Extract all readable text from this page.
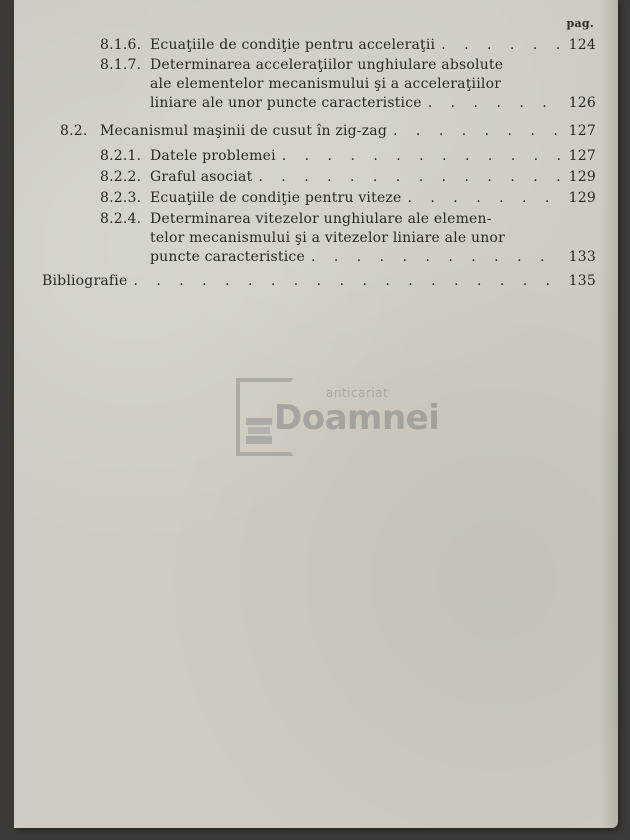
pag.
8.1.6. Ecuaţiile de condiţie pentru acceleraţii . . .	124
8.1.7. Determinarea acceleraţiilor unghiulare absolute
ale elementelor mecanismului şi a acceleraţiilor
liniare ale unor puncte caracteristice . . .	126
8.2. Mecanismul maşinii de cusut în zig-zag . . .	127
8.2.1. Datele problemei . . .	127
8.2.2. Graful asociat . . .	129
8.2.3. Ecuaţiile de condiţie pentru viteze . . .	129
8.2.4. Determinarea vitezelor unghiulare ale elemen-
telor mecanismului şi a vitezelor liniare ale unor
puncte caracteristice . . .	133
Bibliografie . . .	135
anticariat
Doamnei
